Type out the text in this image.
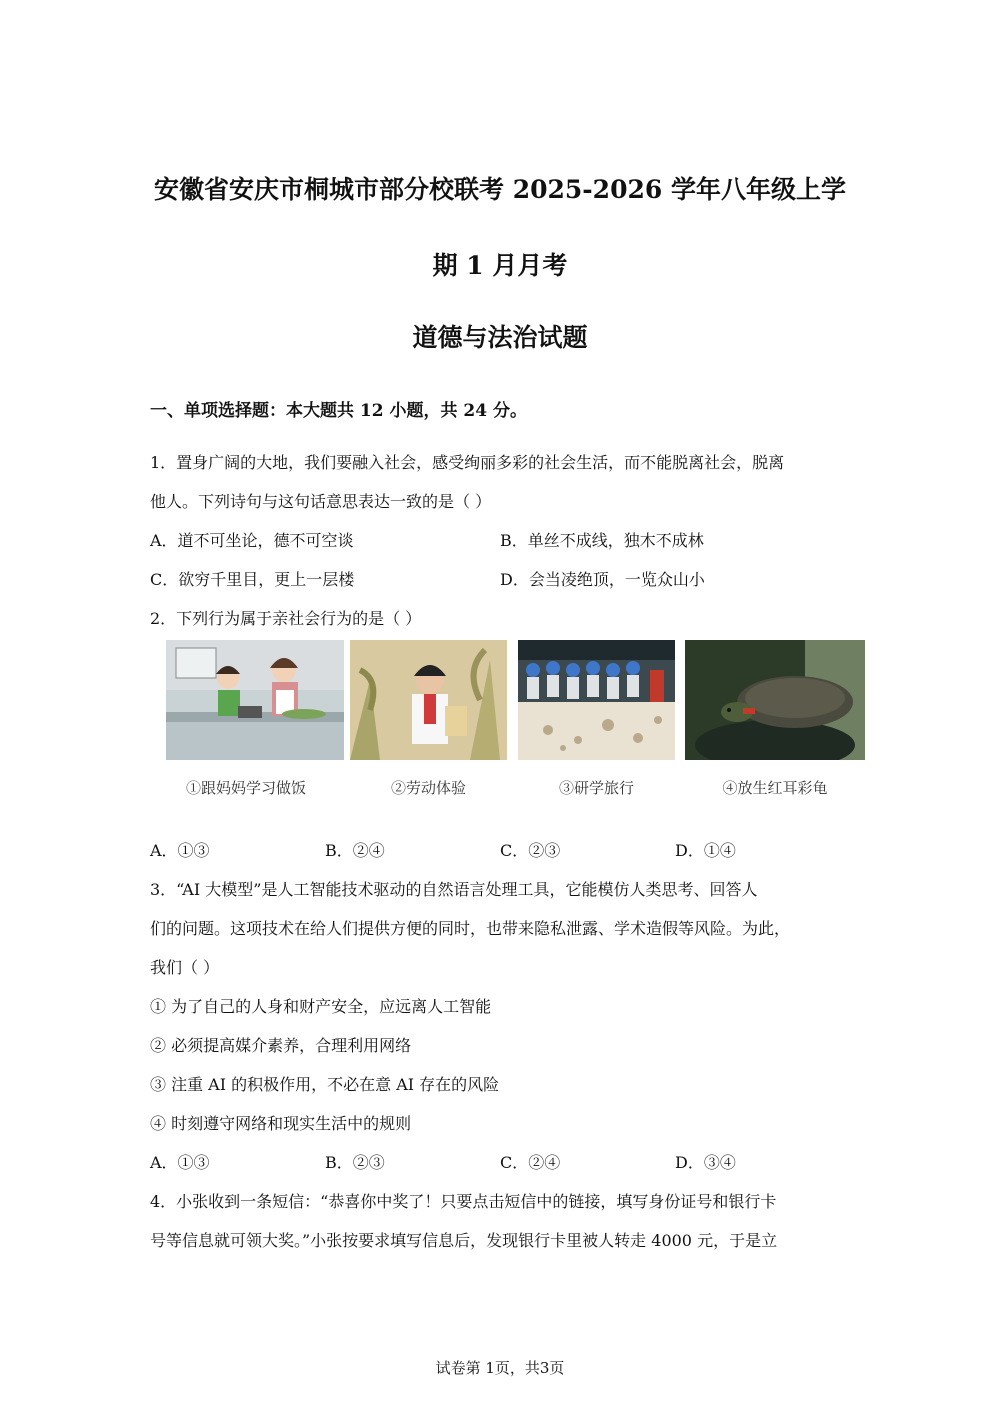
安徽省安庆市桐城市部分校联考 2025-2026 学年八年级上学
期 1 月月考
道德与法治试题
一、单项选择题：本大题共 12 小题，共 24 分。
1．置身广阔的大地，我们要融入社会，感受绚丽多彩的社会生活，而不能脱离社会，脱离
他人。下列诗句与这句话意思表达一致的是（ ）
A．道不可坐论，德不可空谈	B．单丝不成线，独木不成林
C．欲穷千里目，更上一层楼	D．会当凌绝顶，一览众山小
2．下列行为属于亲社会行为的是（ ）
①跟妈妈学习做饭	②劳动体验	③研学旅行	④放生红耳彩龟
A．①③	B．②④	C．②③	D．①④
3．“AI 大模型”是人工智能技术驱动的自然语言处理工具，它能模仿人类思考、回答人
们的问题。这项技术在给人们提供方便的同时，也带来隐私泄露、学术造假等风险。为此，
我们（ ）
① 为了自己的人身和财产安全，应远离人工智能
② 必须提高媒介素养，合理利用网络
③ 注重 AI 的积极作用，不必在意 AI 存在的风险
④ 时刻遵守网络和现实生活中的规则
A．①③	B．②③	C．②④	D．③④
4．小张收到一条短信：“恭喜你中奖了！只要点击短信中的链接，填写身份证号和银行卡
号等信息就可领大奖。”小张按要求填写信息后，发现银行卡里被人转走 4000 元，于是立
试卷第 1页，共3页
